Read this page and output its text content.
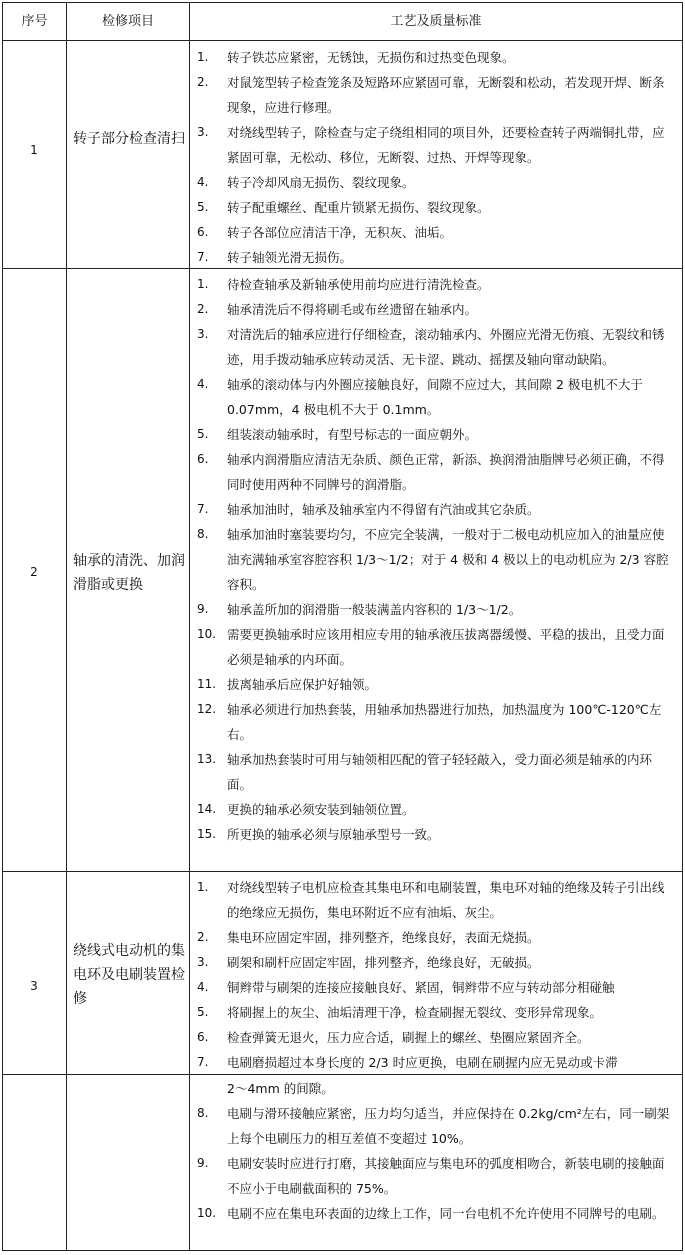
序号	检修项目	工艺及质量标准
1
转子部分检查清扫
1. 转子铁芯应紧密，无锈蚀，无损伤和过热变色现象。
2. 对鼠笼型转子检查笼条及短路环应紧固可靠，无断裂和松动，若发现开焊、断条现象，应进行修理。
3. 对绕线型转子，除检查与定子绕组相同的项目外，还要检查转子两端铜扎带，应紧固可靠，无松动、移位，无断裂、过热、开焊等现象。
4. 转子冷却风扇无损伤、裂纹现象。
5. 转子配重螺丝、配重片锁紧无损伤、裂纹现象。
6. 转子各部位应清洁干净，无积灰、油垢。
7. 转子轴领光滑无损伤。
2
轴承的清洗、加润滑脂或更换
1. 待检查轴承及新轴承使用前均应进行清洗检查。
2. 轴承清洗后不得将刷毛或布丝遗留在轴承内。
3. 对清洗后的轴承应进行仔细检查，滚动轴承内、外圈应光滑无伤痕、无裂纹和锈迹，用手拨动轴承应转动灵活、无卡涩、跳动、摇摆及轴向窜动缺陷。
4. 轴承的滚动体与内外圈应接触良好，间隙不应过大，其间隙 2 极电机不大于 0.07mm，4 极电机不大于 0.1mm。
5. 组装滚动轴承时，有型号标志的一面应朝外。
6. 轴承内润滑脂应清洁无杂质、颜色正常，新添、换润滑油脂牌号必须正确，不得同时使用两种不同牌号的润滑脂。
7. 轴承加油时，轴承及轴承室内不得留有汽油或其它杂质。
8. 轴承加油时塞装要均匀，不应完全装满，一般对于二极电动机应加入的油量应使油充满轴承室容腔容积 1/3～1/2；对于 4 极和 4 极以上的电动机应为 2/3 容腔容积。
9. 轴承盖所加的润滑脂一般装满盖内容积的 1/3～1/2。
10. 需要更换轴承时应该用相应专用的轴承液压拔离器缓慢、平稳的拔出，且受力面必须是轴承的内环面。
11. 拔离轴承后应保护好轴领。
12. 轴承必须进行加热套装，用轴承加热器进行加热，加热温度为 100℃-120℃左右。
13. 轴承加热套装时可用与轴领相匹配的管子轻轻敲入，受力面必须是轴承的内环面。
14. 更换的轴承必须安装到轴领位置。
15. 所更换的轴承必须与原轴承型号一致。
3
绕线式电动机的集电环及电刷装置检修
1. 对绕线型转子电机应检查其集电环和电刷装置，集电环对轴的绝缘及转子引出线的绝缘应无损伤，集电环附近不应有油垢、灰尘。
2. 集电环应固定牢固，排列整齐，绝缘良好，表面无烧损。
3. 刷架和刷杆应固定牢固，排列整齐，绝缘良好，无破损。
4. 铜辫带与刷架的连接应接触良好、紧固，铜辫带不应与转动部分相碰触
5. 将刷握上的灰尘、油垢清理干净，检查刷握无裂纹、变形异常现象。
6. 检查弹簧无退火，压力应合适，刷握上的螺丝、垫圈应紧固齐全。
7. 电刷磨损超过本身长度的 2/3 时应更换，电刷在刷握内应无晃动或卡滞
2～4mm 的间隙。
8. 电刷与滑环接触应紧密，压力均匀适当，并应保持在 0.2kg/cm²左右，同一刷架上每个电刷压力的相互差值不变超过 10%。
9. 电刷安装时应进行打磨，其接触面应与集电环的弧度相吻合，新装电刷的接触面不应小于电刷截面积的 75%。
10. 电刷不应在集电环表面的边缘上工作，同一台电机不允许使用不同牌号的电刷。
